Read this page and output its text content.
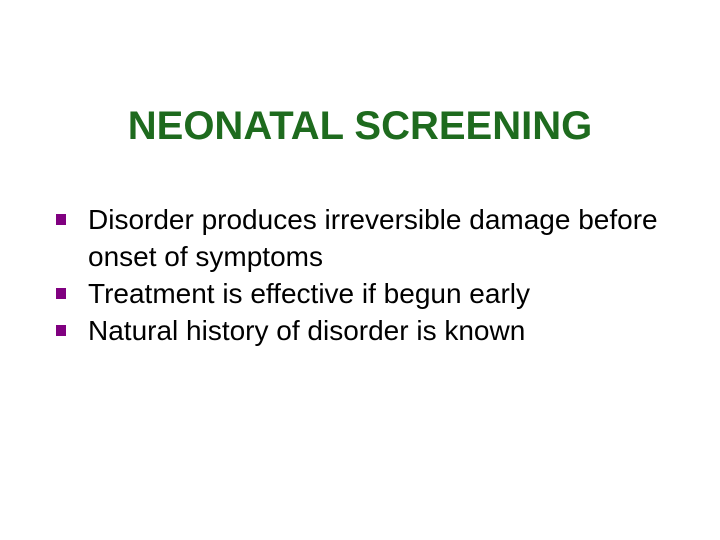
NEONATAL SCREENING
Disorder produces irreversible damage before onset of symptoms
Treatment is effective if begun early
Natural history of disorder is known
